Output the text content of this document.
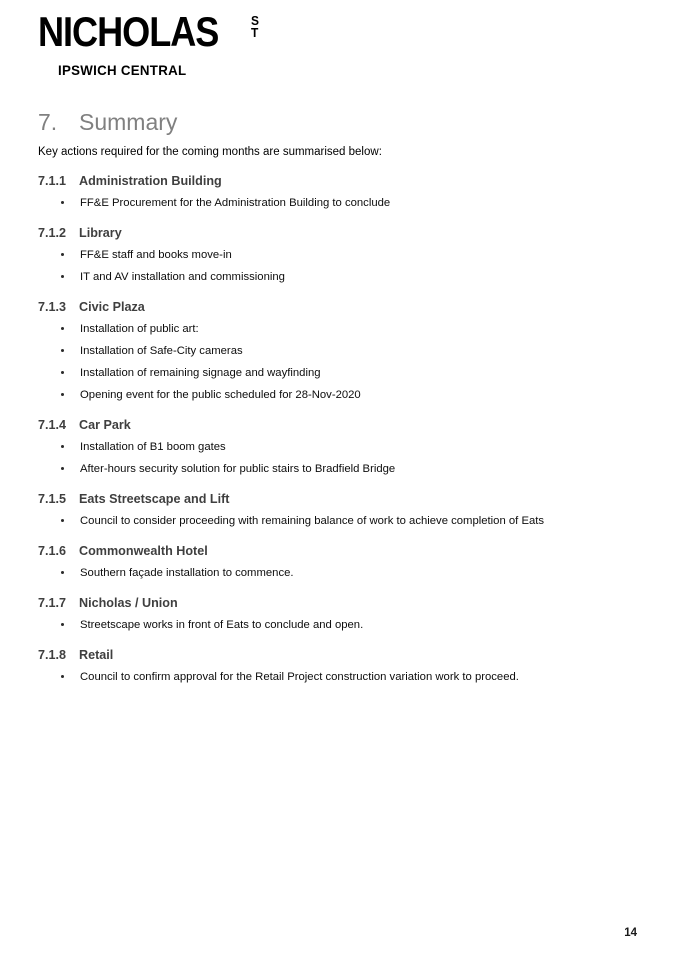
NICHOLAS S
T
IPSWICH CENTRAL
7. Summary

Key actions required for the coming months are summarised below:

7.1.1	Administration Building
FF&E Procurement for the Administration Building to conclude
7.1.2	Library
FF&E staff and books move-in
IT and AV installation and commissioning
7.1.3	Civic Plaza
Installation of public art:
Installation of Safe-City cameras
Installation of remaining signage and wayfinding
Opening event for the public scheduled for 28-Nov-2020
7.1.4	Car Park
Installation of B1 boom gates
After-hours security solution for public stairs to Bradfield Bridge
7.1.5	Eats Streetscape and Lift
Council to consider proceeding with remaining balance of work to achieve completion of Eats
7.1.6	Commonwealth Hotel
Southern façade installation to commence.
7.1.7	Nicholas / Union
Streetscape works in front of Eats to conclude and open.
7.1.8	Retail
Council to confirm approval for the Retail Project construction variation work to proceed.
14
